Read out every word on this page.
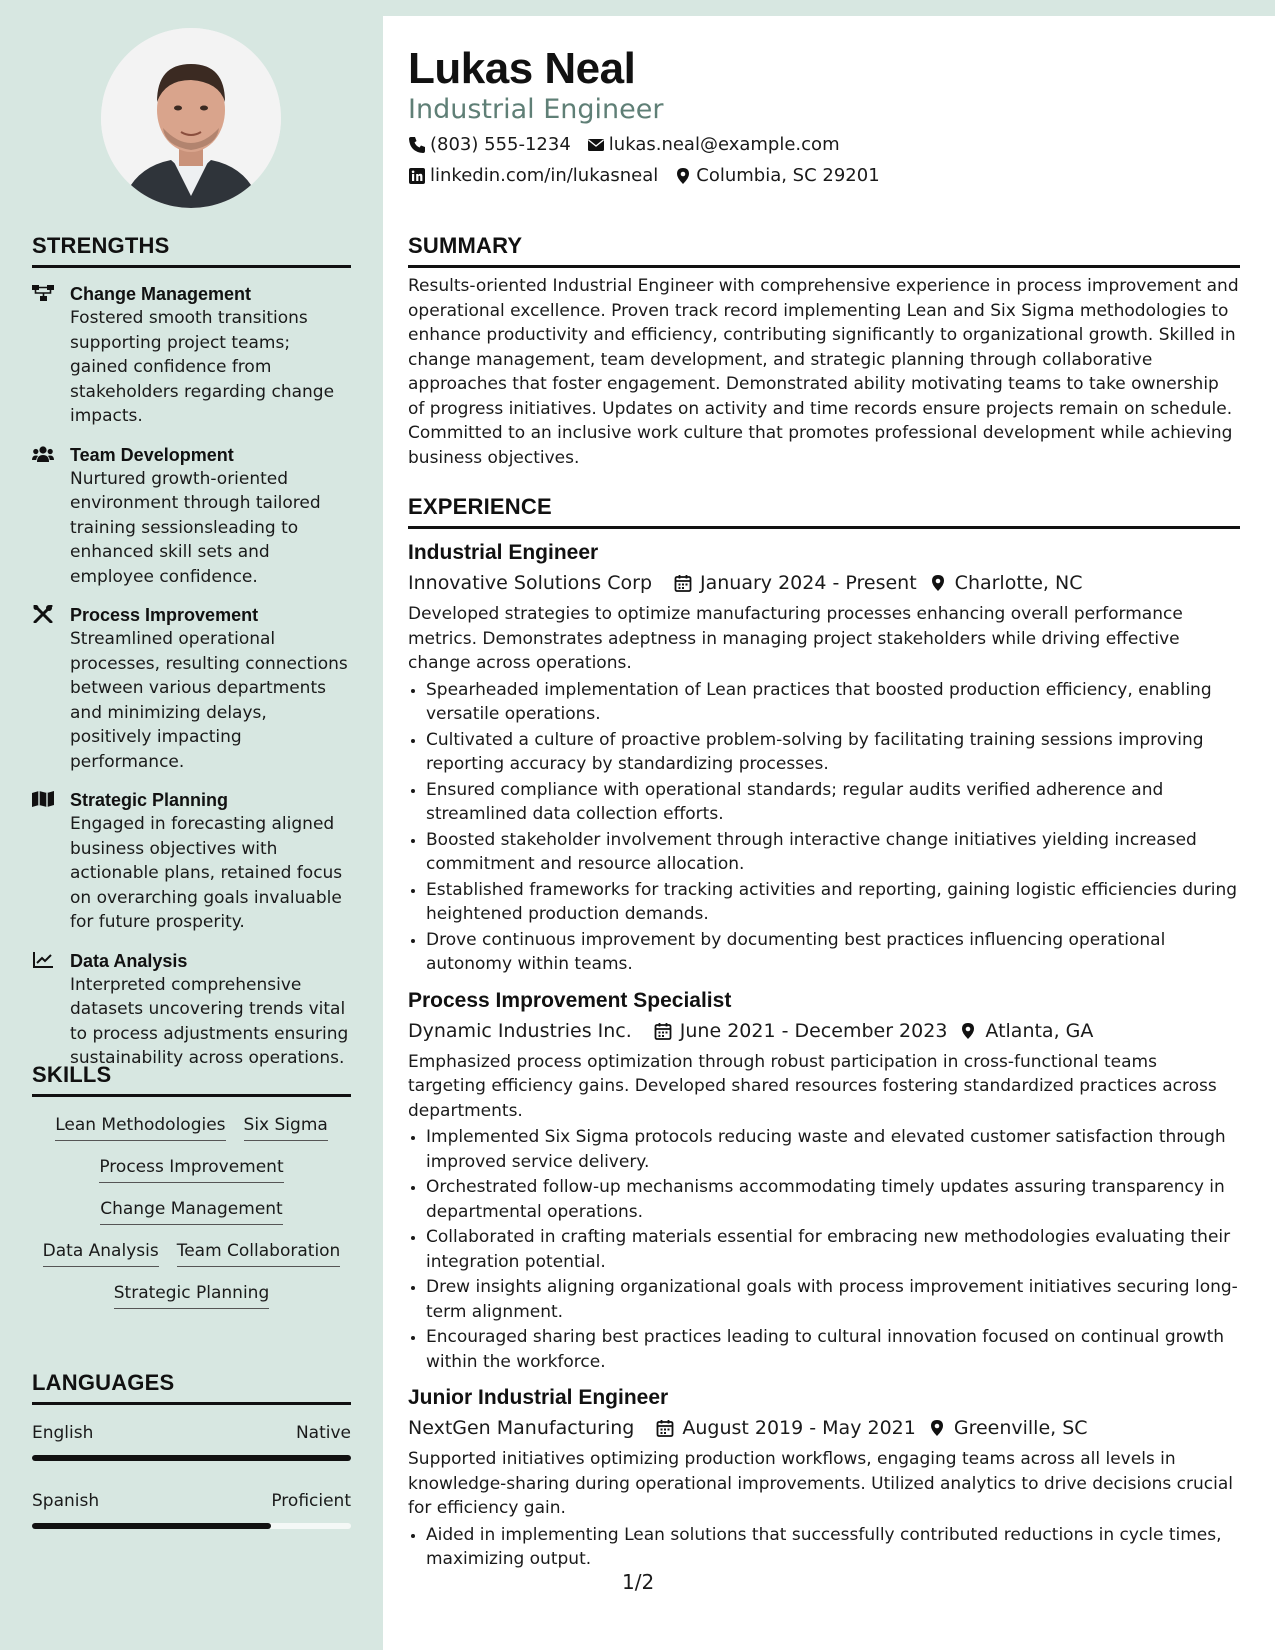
STRENGTHS
Change Management
Fostered smooth transitions supporting project teams; gained confidence from stakeholders regarding change impacts.
Team Development
Nurtured growth-oriented environment through tailored training sessionsleading to enhanced skill sets and employee confidence.
Process Improvement
Streamlined operational processes, resulting connections between various departments and minimizing delays, positively impacting performance.
Strategic Planning
Engaged in forecasting aligned business objectives with actionable plans, retained focus on overarching goals invaluable for future prosperity.
Data Analysis
Interpreted comprehensive datasets uncovering trends vital to process adjustments ensuring sustainability across operations.
SKILLS
Lean Methodologies Six Sigma
Process Improvement
Change Management
Data Analysis Team Collaboration
Strategic Planning
LANGUAGES
English	Native
Spanish	Proficient
Lukas Neal
Industrial Engineer
(803) 555-1234 lukas.neal@example.com
linkedin.com/in/lukasneal Columbia, SC 29201
SUMMARY
Results-oriented Industrial Engineer with comprehensive experience in process improvement and operational excellence. Proven track record implementing Lean and Six Sigma methodologies to enhance productivity and efficiency, contributing significantly to organizational growth. Skilled in change management, team development, and strategic planning through collaborative approaches that foster engagement. Demonstrated ability motivating teams to take ownership of progress initiatives. Updates on activity and time records ensure projects remain on schedule. Committed to an inclusive work culture that promotes professional development while achieving business objectives.
EXPERIENCE
Industrial Engineer
Innovative Solutions Corp	January 2024 - Present Charlotte, NC
Developed strategies to optimize manufacturing processes enhancing overall performance metrics. Demonstrates adeptness in managing project stakeholders while driving effective change across operations.
• Spearheaded implementation of Lean practices that boosted production efficiency, enabling versatile operations.
• Cultivated a culture of proactive problem-solving by facilitating training sessions improving reporting accuracy by standardizing processes.
• Ensured compliance with operational standards; regular audits verified adherence and streamlined data collection efforts.
• Boosted stakeholder involvement through interactive change initiatives yielding increased commitment and resource allocation.
• Established frameworks for tracking activities and reporting, gaining logistic efficiencies during heightened production demands.
• Drove continuous improvement by documenting best practices influencing operational autonomy within teams.
Process Improvement Specialist
Dynamic Industries Inc.	June 2021 - December 2023 Atlanta, GA
Emphasized process optimization through robust participation in cross-functional teams targeting efficiency gains. Developed shared resources fostering standardized practices across departments.
• Implemented Six Sigma protocols reducing waste and elevated customer satisfaction through improved service delivery.
• Orchestrated follow-up mechanisms accommodating timely updates assuring transparency in departmental operations.
• Collaborated in crafting materials essential for embracing new methodologies evaluating their integration potential.
• Drew insights aligning organizational goals with process improvement initiatives securing long-term alignment.
• Encouraged sharing best practices leading to cultural innovation focused on continual growth within the workforce.
Junior Industrial Engineer
NextGen Manufacturing	August 2019 - May 2021 Greenville, SC
Supported initiatives optimizing production workflows, engaging teams across all levels in knowledge-sharing during operational improvements. Utilized analytics to drive decisions crucial for efficiency gain.
• Aided in implementing Lean solutions that successfully contributed reductions in cycle times, maximizing output.
1/2
